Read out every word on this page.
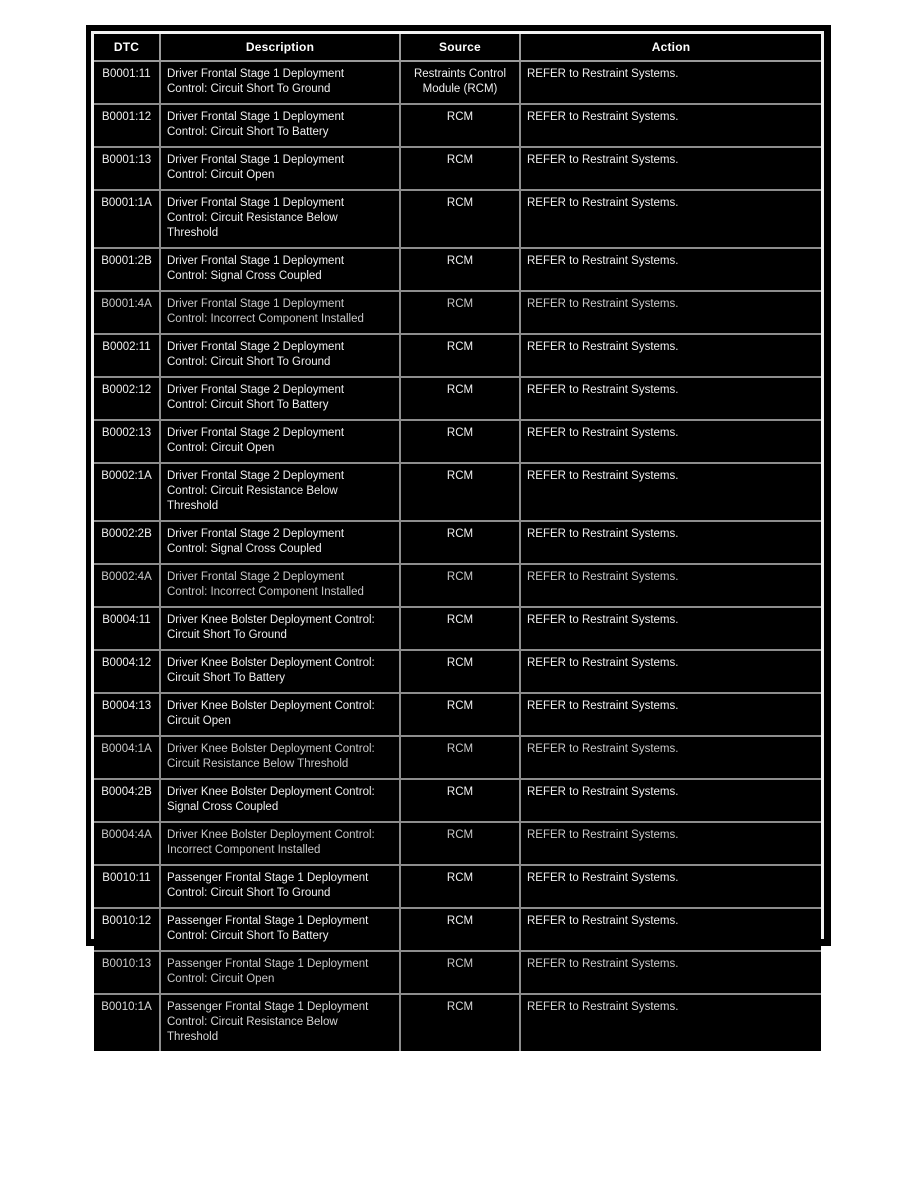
DTC	Description	Source	Action
B0001:11	Driver Frontal Stage 1 Deployment
Control: Circuit Short To Ground	Restraints Control
Module (RCM)	REFER to Restraint Systems.

B0001:12	Driver Frontal Stage 1 Deployment
Control: Circuit Short To Battery	RCM	REFER to Restraint Systems.

B0001:13	Driver Frontal Stage 1 Deployment
Control: Circuit Open	RCM	REFER to Restraint Systems.

B0001:1A	Driver Frontal Stage 1 Deployment
Control: Circuit Resistance Below
Threshold	RCM	REFER to Restraint Systems.

B0001:2B	Driver Frontal Stage 1 Deployment
Control: Signal Cross Coupled	RCM	REFER to Restraint Systems.

B0001:4A	Driver Frontal Stage 1 Deployment
Control: Incorrect Component Installed	RCM	REFER to Restraint Systems.

B0002:11	Driver Frontal Stage 2 Deployment
Control: Circuit Short To Ground	RCM	REFER to Restraint Systems.

B0002:12	Driver Frontal Stage 2 Deployment
Control: Circuit Short To Battery	RCM	REFER to Restraint Systems.

B0002:13	Driver Frontal Stage 2 Deployment
Control: Circuit Open	RCM	REFER to Restraint Systems.

B0002:1A	Driver Frontal Stage 2 Deployment
Control: Circuit Resistance Below
Threshold	RCM	REFER to Restraint Systems.

B0002:2B	Driver Frontal Stage 2 Deployment
Control: Signal Cross Coupled	RCM	REFER to Restraint Systems.

B0002:4A	Driver Frontal Stage 2 Deployment
Control: Incorrect Component Installed	RCM	REFER to Restraint Systems.

B0004:11	Driver Knee Bolster Deployment Control:
Circuit Short To Ground	RCM	REFER to Restraint Systems.

B0004:12	Driver Knee Bolster Deployment Control:
Circuit Short To Battery	RCM	REFER to Restraint Systems.

B0004:13	Driver Knee Bolster Deployment Control:
Circuit Open	RCM	REFER to Restraint Systems.

B0004:1A	Driver Knee Bolster Deployment Control:
Circuit Resistance Below Threshold	RCM	REFER to Restraint Systems.

B0004:2B	Driver Knee Bolster Deployment Control:
Signal Cross Coupled	RCM	REFER to Restraint Systems.

B0004:4A	Driver Knee Bolster Deployment Control:
Incorrect Component Installed	RCM	REFER to Restraint Systems.

B0010:11	Passenger Frontal Stage 1 Deployment
Control: Circuit Short To Ground	RCM	REFER to Restraint Systems.

B0010:12	Passenger Frontal Stage 1 Deployment
Control: Circuit Short To Battery	RCM	REFER to Restraint Systems.

B0010:13	Passenger Frontal Stage 1 Deployment
Control: Circuit Open	RCM	REFER to Restraint Systems.

B0010:1A	Passenger Frontal Stage 1 Deployment
Control: Circuit Resistance Below
Threshold	RCM	REFER to Restraint Systems.
